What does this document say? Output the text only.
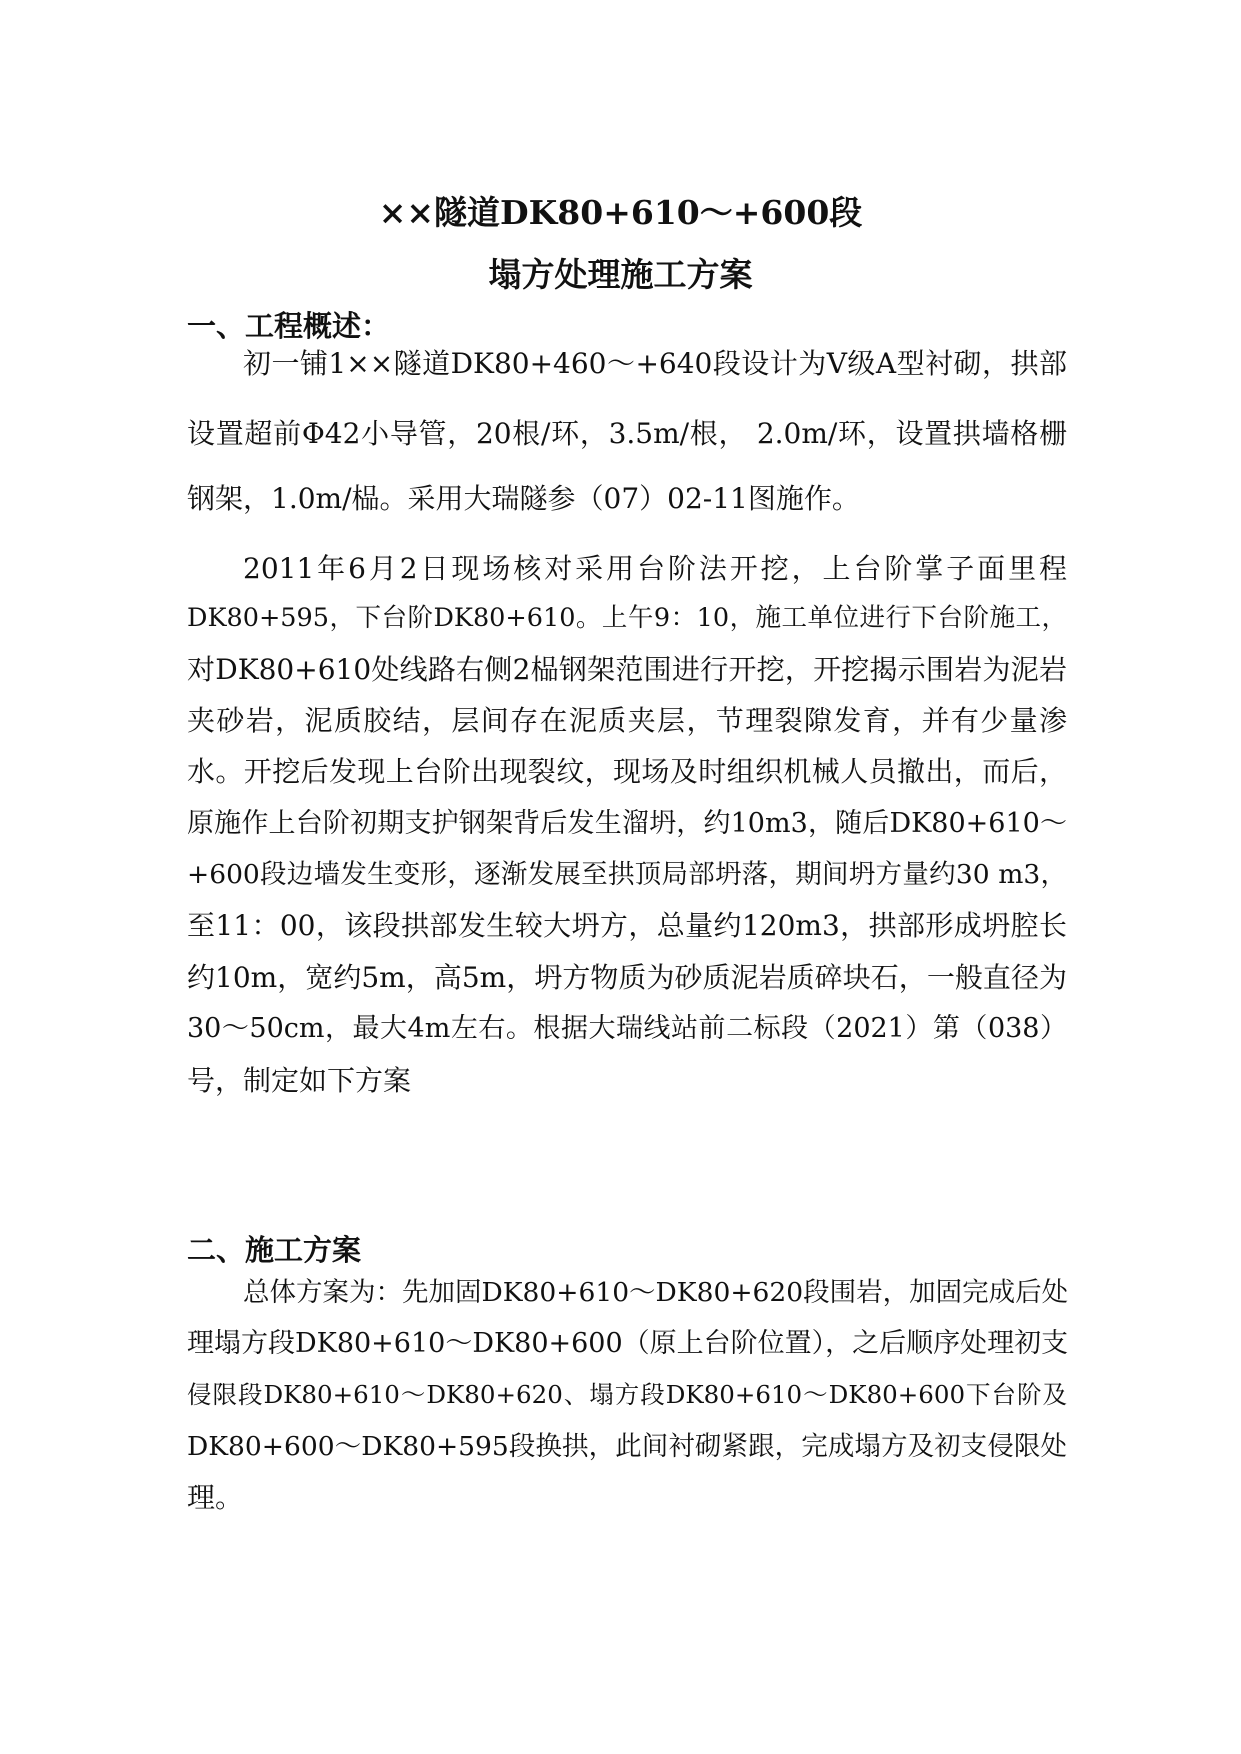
××隧道DK80+610～+600段
塌方处理施工方案
一、工程概述：
初一铺1××隧道DK80+460～+640段设计为Ⅴ级A型衬砌，拱部
设置超前Φ42小导管，20根/环，3.5m/根， 2.0m/环，设置拱墙格栅
钢架，1.0m/榀。采用大瑞隧参（07）02-11图施作。
2011年6月2日现场核对采用台阶法开挖，上台阶掌子面里程
DK80+595，下台阶DK80+610。上午9：10，施工单位进行下台阶施工，
对DK80+610处线路右侧2榀钢架范围进行开挖，开挖揭示围岩为泥岩
夹砂岩，泥质胶结，层间存在泥质夹层，节理裂隙发育，并有少量渗
水。开挖后发现上台阶出现裂纹，现场及时组织机械人员撤出，而后，
原施作上台阶初期支护钢架背后发生溜坍，约10m3，随后DK80+610～
+600段边墙发生变形，逐渐发展至拱顶局部坍落，期间坍方量约30 m3，
至11：00，该段拱部发生较大坍方，总量约120m3，拱部形成坍腔长
约10m，宽约5m，高5m，坍方物质为砂质泥岩质碎块石，一般直径为
30～50cm，最大4m左右。根据大瑞线站前二标段（2021）第（038）
号，制定如下方案
二、施工方案
总体方案为：先加固DK80+610～DK80+620段围岩，加固完成后处
理塌方段DK80+610～DK80+600（原上台阶位置），之后顺序处理初支
侵限段DK80+610～DK80+620、塌方段DK80+610～DK80+600下台阶及
DK80+600～DK80+595段换拱，此间衬砌紧跟，完成塌方及初支侵限处
理。
